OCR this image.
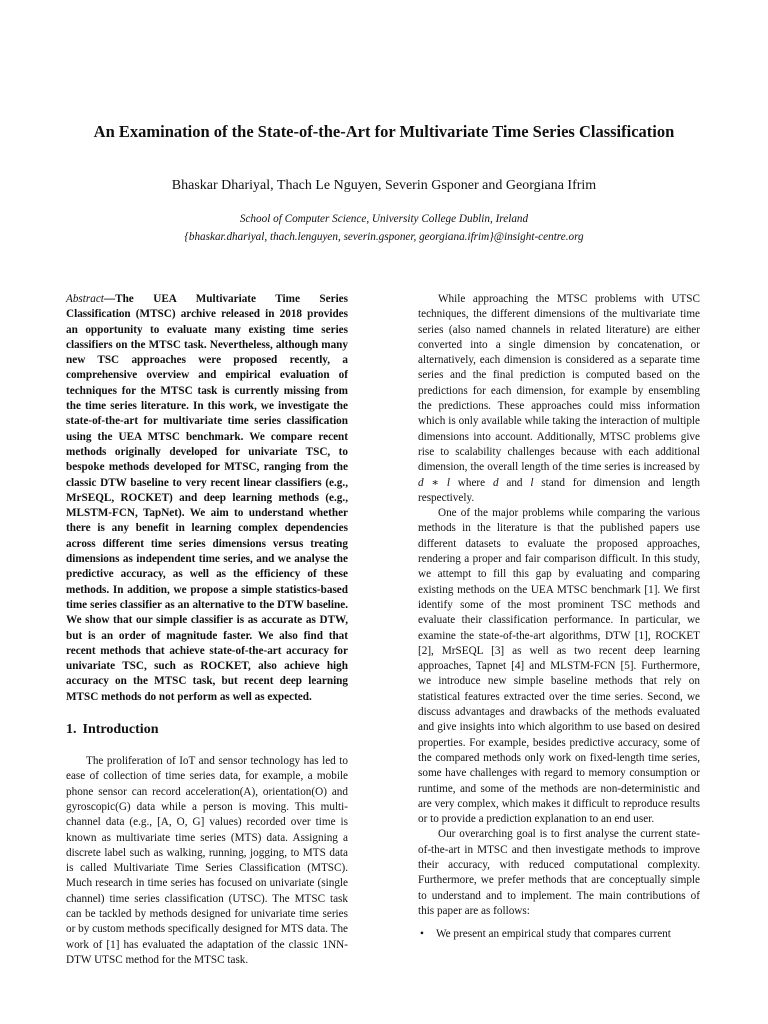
An Examination of the State-of-the-Art for Multivariate Time Series Classification
Bhaskar Dhariyal, Thach Le Nguyen, Severin Gsponer and Georgiana Ifrim
School of Computer Science, University College Dublin, Ireland
{bhaskar.dhariyal, thach.lenguyen, severin.gsponer, georgiana.ifrim}@insight-centre.org

Abstract—The UEA Multivariate Time Series Classification (MTSC) archive released in 2018 provides an opportunity to evaluate many existing time series classifiers on the MTSC task. Nevertheless, although many new TSC approaches were proposed recently, a comprehensive overview and empirical evaluation of techniques for the MTSC task is currently missing from the time series literature. In this work, we investigate the state-of-the-art for multivariate time series classification using the UEA MTSC benchmark. We compare recent methods originally developed for univariate TSC, to bespoke methods developed for MTSC, ranging from the classic DTW baseline to very recent linear classifiers (e.g., MrSEQL, ROCKET) and deep learning methods (e.g., MLSTM-FCN, TapNet). We aim to understand whether there is any benefit in learning complex dependencies across different time series dimensions versus treating dimensions as independent time series, and we analyse the predictive accuracy, as well as the efficiency of these methods. In addition, we propose a simple statistics-based time series classifier as an alternative to the DTW baseline. We show that our simple classifier is as accurate as DTW, but is an order of magnitude faster. We also find that recent methods that achieve state-of-the-art accuracy for univariate TSC, such as ROCKET, also achieve high accuracy on the MTSC task, but recent deep learning MTSC methods do not perform as well as expected.

1. Introduction

The proliferation of IoT and sensor technology has led to ease of collection of time series data, for example, a mobile phone sensor can record acceleration(A), orientation(O) and gyroscopic(G) data while a person is moving. This multi-channel data (e.g., [A, O, G] values) recorded over time is known as multivariate time series (MTS) data. Assigning a discrete label such as walking, running, jogging, to MTS data is called Multivariate Time Series Classification (MTSC). Much research in time series has focused on univariate (single channel) time series classification (UTSC). The MTSC task can be tackled by methods designed for univariate time series or by custom methods specifically designed for MTS data. The work of [1] has evaluated the adaptation of the classic 1NN-DTW UTSC method for the MTSC task.

While approaching the MTSC problems with UTSC techniques, the different dimensions of the multivariate time series (also named channels in related literature) are either converted into a single dimension by concatenation, or alternatively, each dimension is considered as a separate time series and the final prediction is computed based on the predictions for each dimension, for example by ensembling the predictions. These approaches could miss information which is only available while taking the interaction of multiple dimensions into account. Additionally, MTSC problems give rise to scalability challenges because with each additional dimension, the overall length of the time series is increased by d ∗ l where d and l stand for dimension and length respectively.

One of the major problems while comparing the various methods in the literature is that the published papers use different datasets to evaluate the proposed approaches, rendering a proper and fair comparison difficult. In this study, we attempt to fill this gap by evaluating and comparing existing methods on the UEA MTSC benchmark [1]. We first identify some of the most prominent TSC methods and evaluate their classification performance. In particular, we examine the state-of-the-art algorithms, DTW [1], ROCKET [2], MrSEQL [3] as well as two recent deep learning approaches, Tapnet [4] and MLSTM-FCN [5]. Furthermore, we introduce new simple baseline methods that rely on statistical features extracted over the time series. Second, we discuss advantages and drawbacks of the methods evaluated and give insights into which algorithm to use based on desired properties. For example, besides predictive accuracy, some of the compared methods only work on fixed-length time series, some have challenges with regard to memory consumption or runtime, and some of the methods are non-deterministic and are very complex, which makes it difficult to reproduce results or to provide a prediction explanation to an end user.

Our overarching goal is to first analyse the current state-of-the-art in MTSC and then investigate methods to improve their accuracy, with reduced computational complexity. Furthermore, we prefer methods that are conceptually simple to understand and to implement. The main contributions of this paper are as follows:

• We present an empirical study that compares current
